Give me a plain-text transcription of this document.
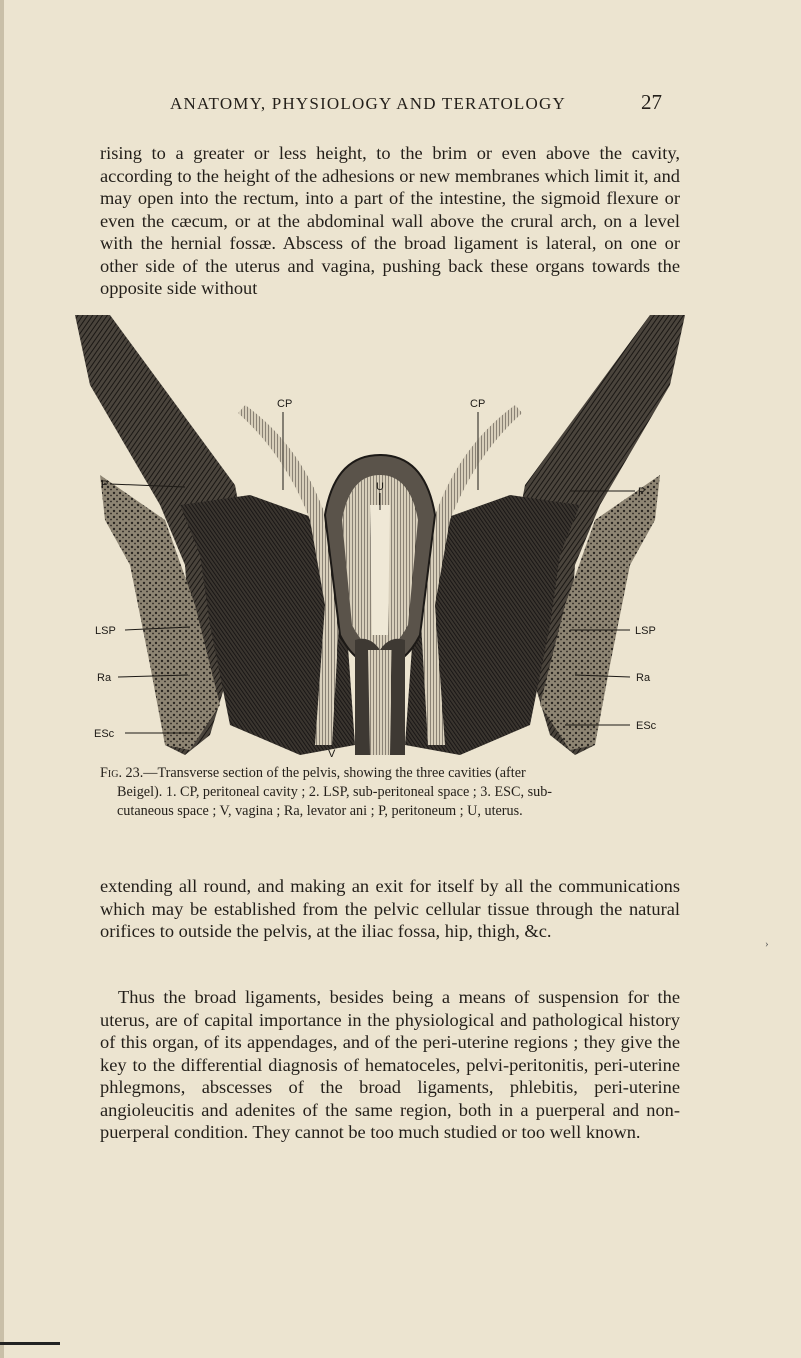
ANATOMY, PHYSIOLOGY AND TERATOLOGY	27

rising to a greater or less height, to the brim or even above the cavity, according to the height of the adhesions or new membranes which limit it, and may open into the rectum, into a part of the intestine, the sigmoid flexure or even the cæcum, or at the abdominal wall above the crural arch, on a level with the hernial fossæ. Abscess of the broad ligament is lateral, on one or other side of the uterus and vagina, pushing back these organs towards the opposite side without

CP	CP
U
P
P
LSP	LSP
Ra	Ra
ESc
ESc
V

Fig. 23.—Transverse section of the pelvis, showing the three cavities (after
Beigel). 1. CP, peritoneal cavity ; 2. LSP, sub-peritoneal space ; 3. ESC, sub-
cutaneous space ; V, vagina ; Ra, levator ani ; P, peritoneum ; U, uterus.

extending all round, and making an exit for itself by all the communications which may be established from the pelvic cellular tissue through the natural orifices to outside the pelvis, at the iliac fossa, hip, thigh, &c.

Thus the broad ligaments, besides being a means of suspension for the uterus, are of capital importance in the physiological and pathological history of this organ, of its appendages, and of the peri-uterine regions ; they give the key to the differential diagnosis of hematoceles, pelvi-peritonitis, peri-uterine phlegmons, abscesses of the broad ligaments, phlebitis, peri-uterine angioleucitis and adenites of the same region, both in a puerperal and non-puerperal condition. They cannot be too much studied or too well known.

›
